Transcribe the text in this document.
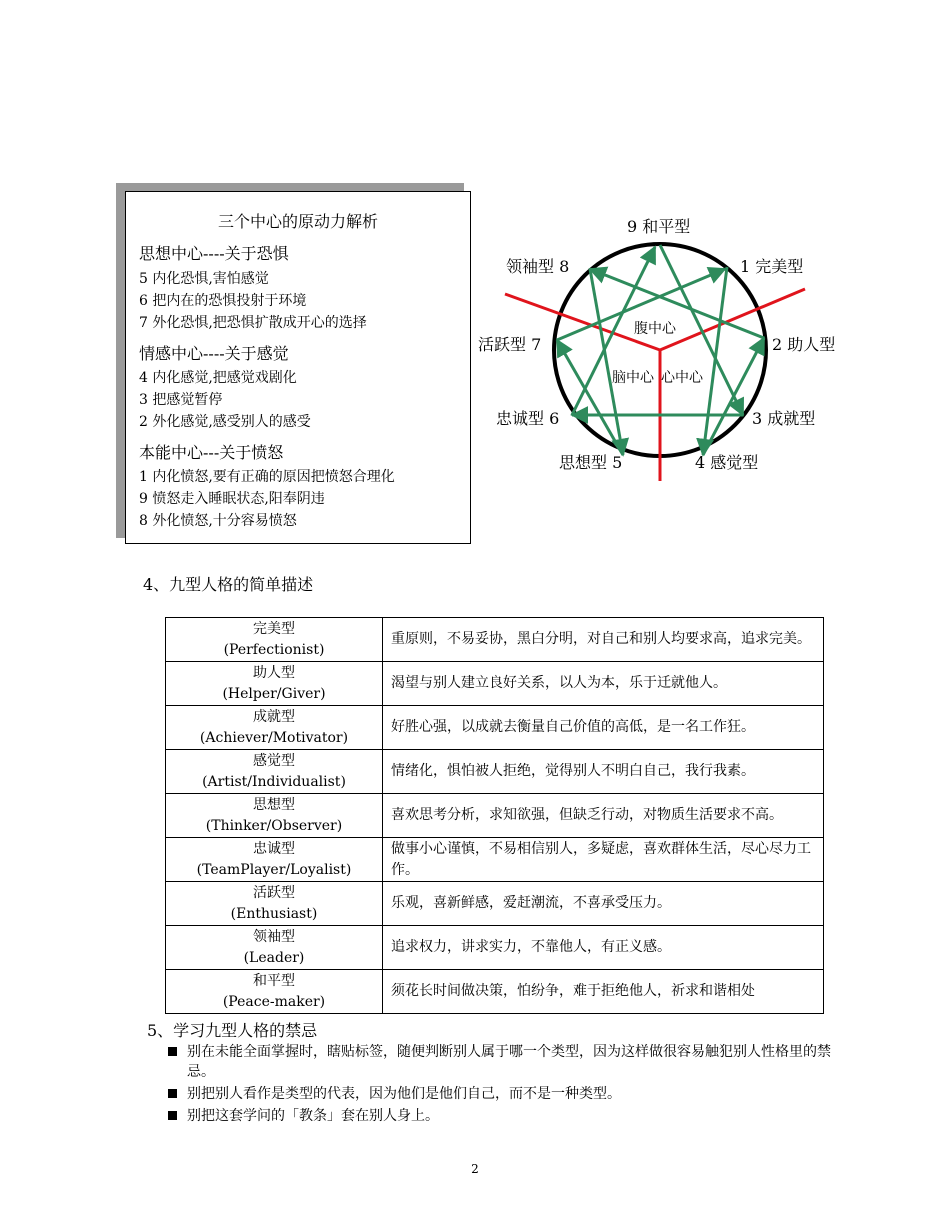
三个中心的原动力解析
思想中心----关于恐惧
5 内化恐惧,害怕感觉
6 把内在的恐惧投射于环境
7 外化恐惧,把恐惧扩散成开心的选择
情感中心----关于感觉
4 内化感觉,把感觉戏剧化
3 把感觉暂停
2 外化感觉,感受别人的感受
本能中心---关于愤怒
1 内化愤怒,要有正确的原因把愤怒合理化
9 愤怒走入睡眠状态,阳奉阴违
8 外化愤怒,十分容易愤怒
9 和平型
1 完美型
2 助人型
3 成就型
4 感觉型
思想型 5
忠诚型 6
活跃型 7
领袖型 8
腹中心
脑中心 心中心
4、九型人格的简单描述
完美型
(Perfectionist)	重原则，不易妥协，黑白分明，对自己和别人均要求高，追求完美。

助人型
(Helper/Giver)	渴望与别人建立良好关系，以人为本，乐于迁就他人。

成就型
(Achiever/Motivator)	好胜心强，以成就去衡量自己价值的高低，是一名工作狂。

感觉型
(Artist/Individualist)	情绪化，惧怕被人拒绝，觉得别人不明白自己，我行我素。

思想型
(Thinker/Observer)	喜欢思考分析，求知欲强，但缺乏行动，对物质生活要求不高。

忠诚型
(TeamPlayer/Loyalist)	做事小心谨慎，不易相信别人，多疑虑，喜欢群体生活，尽心尽力工作。

活跃型
(Enthusiast)	乐观，喜新鲜感，爱赶潮流，不喜承受压力。

领袖型
(Leader)	追求权力，讲求实力，不靠他人，有正义感。

和平型
(Peace-maker)	须花长时间做决策，怕纷争，难于拒绝他人，祈求和谐相处
5、学习九型人格的禁忌
别在未能全面掌握时，瞎贴标签，随便判断别人属于哪一个类型，因为这样做很容易触犯别人性格里的禁忌。
别把别人看作是类型的代表，因为他们是他们自己，而不是一种类型。
别把这套学问的「教条」套在别人身上。
2
